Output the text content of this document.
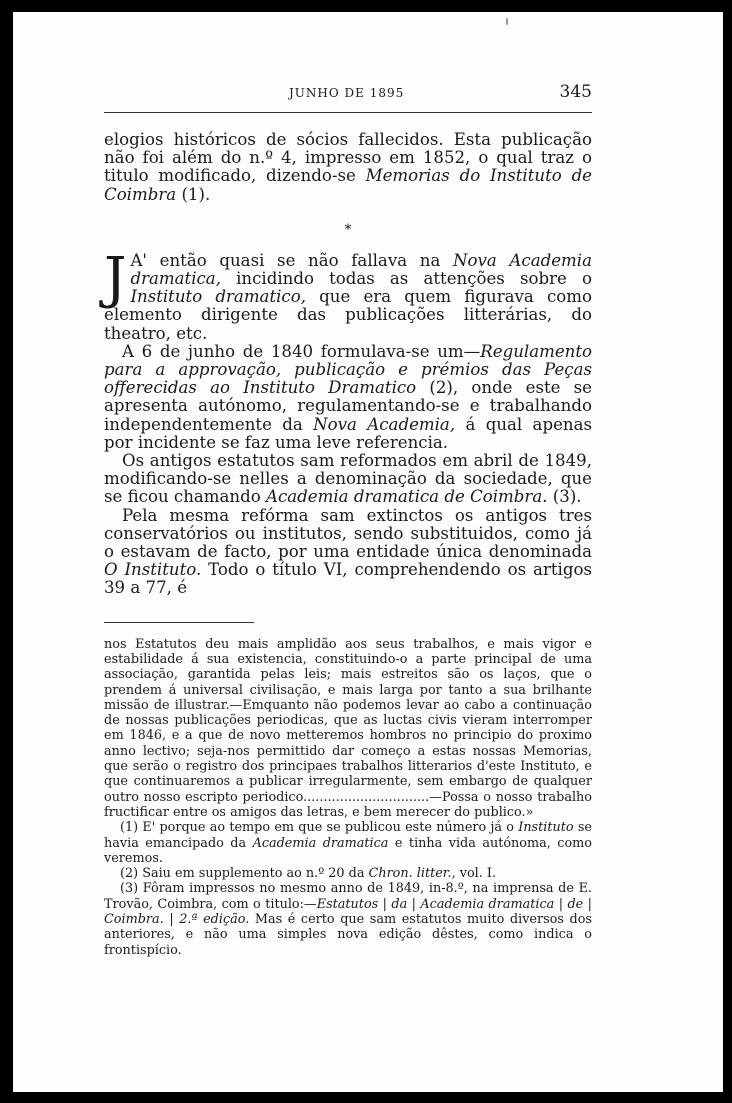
JUNHO DE 1895	345

elogios históricos de sócios fallecidos. Esta publicação não foi além do n.º 4, impresso em 1852, o qual traz o titulo modificado, dizendo-se Memorias do Instituto de Coimbra (1).

*

J A' então quasi se não fallava na Nova Academia dramatica, incidindo todas as attenções sobre o Instituto dramatico, que era quem figurava como elemento dirigente das publicações litterárias, do theatro, etc.

A 6 de junho de 1840 formulava-se um—Regulamento para a approvação, publicação e prémios das Peças offerecidas ao Instituto Dramatico (2), onde este se apresenta autónomo, regulamentando-se e trabalhando independentemente da Nova Academia, á qual apenas por incidente se faz uma leve referencia.

Os antigos estatutos sam reformados em abril de 1849, modificando-se nelles a denominação da sociedade, que se ficou chamando Academia dramatica de Coimbra. (3).

Pela mesma refórma sam extinctos os antigos tres conservatórios ou institutos, sendo substituidos, como já o estavam de facto, por uma entidade única denominada O Instituto. Todo o título VI, comprehendendo os artigos 39 a 77, é

nos Estatutos deu mais amplidão aos seus trabalhos, e mais vigor e estabilidade á sua existencia, constituindo-o a parte principal de uma associação, garantida pelas leis; mais estreitos são os laços, que o prendem á universal civilisação, e mais larga por tanto a sua brilhante missão de illustrar.—Emquanto não podemos levar ao cabo a continuação de nossas publicações periodicas, que as luctas civis vieram interromper em 1846, e a que de novo metteremos hombros no principio do proximo anno lectivo; seja-nos permittido dar começo a estas nossas Memorias, que serão o registro dos principaes trabalhos litterarios d'este Instituto, e que continuaremos a publicar irregularmente, sem embargo de qualquer outro nosso escripto periodico...............................—Possa o nosso trabalho fructificar entre os amigos das letras, e bem merecer do publico.»

(1) E' porque ao tempo em que se publicou este número já o Instituto se havia emancipado da Academia dramatica e tinha vida autónoma, como veremos.

(2) Saiu em supplemento ao n.º 20 da Chron. litter., vol. I.

(3) Fôram impressos no mesmo anno de 1849, in-8.º, na imprensa de E. Trovão, Coimbra, com o titulo:—Estatutos | da | Academia dramatica | de | Coimbra. | 2.ª edição. Mas é certo que sam estatutos muito diversos dos anteriores, e não uma simples nova edição dêstes, como indica o frontispício.
